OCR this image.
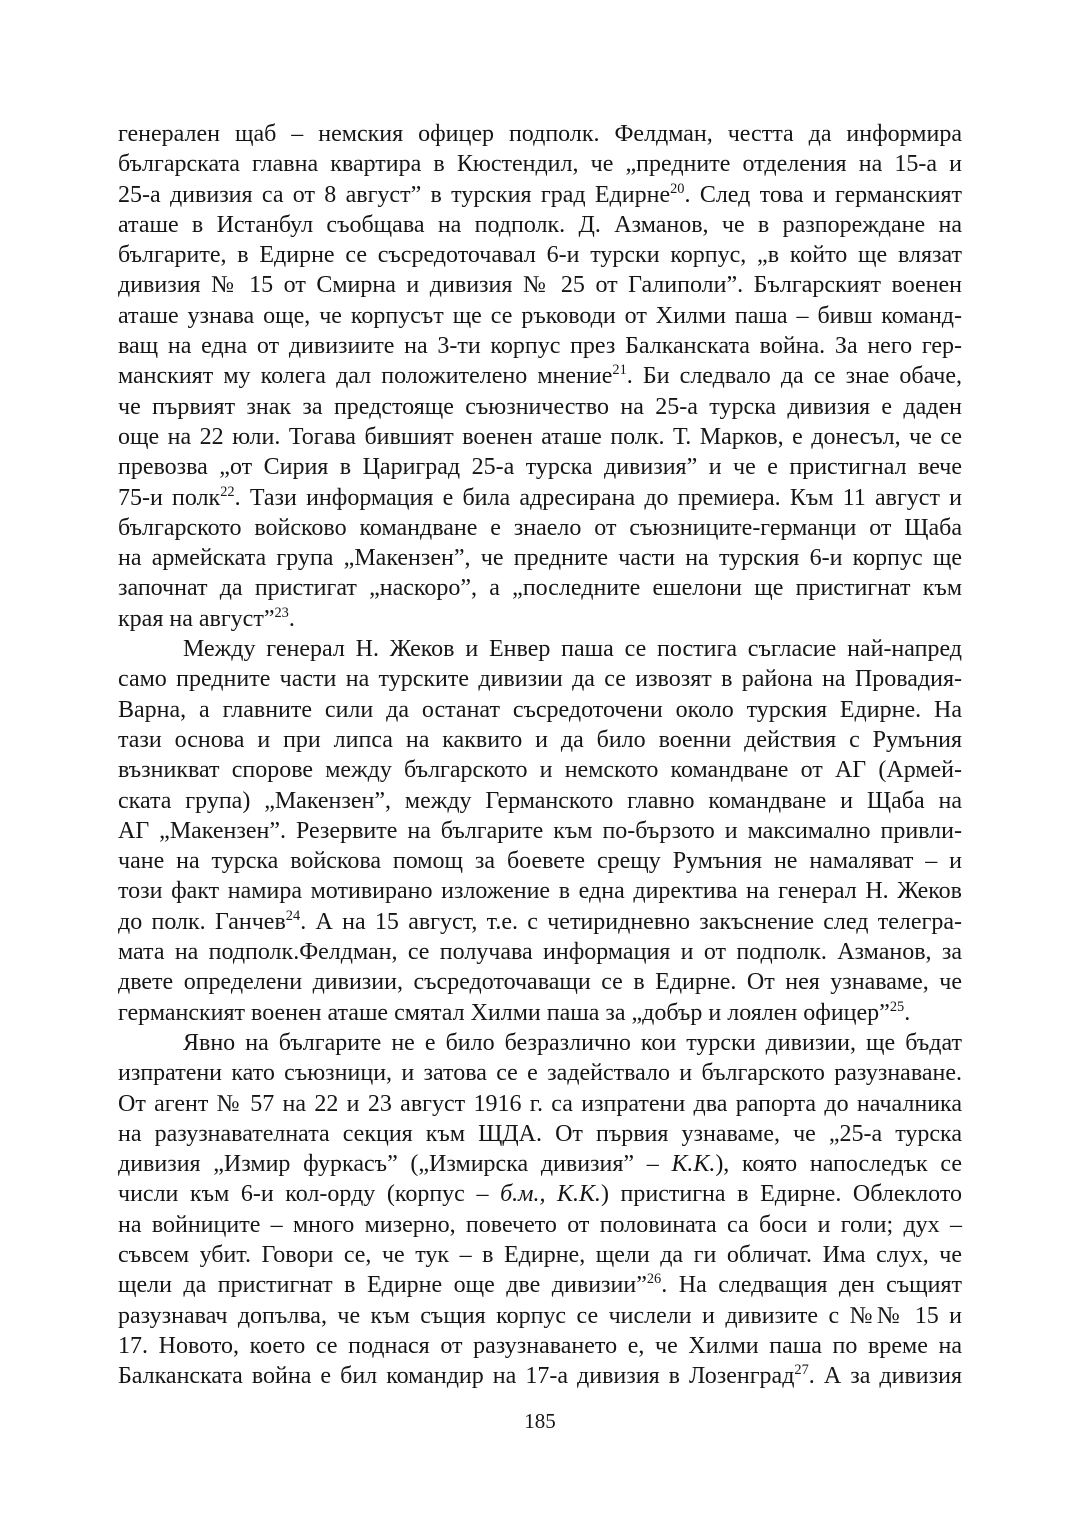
генерален щаб – немския офицер подполк. Фелдман, честта да информира
българската главна квартира в Кюстендил, че „предните отделения на 15-а и
25-а дивизия са от 8 август” в турския град Едирне$^{20}$. След това и германският
аташе в Истанбул съобщава на подполк. Д. Азманов, че в разпореждане на
българите, в Едирне се съсредоточавал 6-и турски корпус, „в който ще влязат
дивизия № 15 от Смирна и дивизия № 25 от Галиполи”. Българският военен
аташе узнава още, че корпусът ще се ръководи от Хилми паша – бивш команд-
ващ на една от дивизиите на 3-ти корпус през Балканската война. За него гер-
манският му колега дал положителено мнение$^{21}$. Би следвало да се знае обаче,
че първият знак за предстояще съюзничество на 25-а турска дивизия е даден
още на 22 юли. Тогава бившият военен аташе полк. Т. Марков, е донесъл, че се
превозва „от Сирия в Цариград 25-а турска дивизия” и че е пристигнал вече
75-и полк$^{22}$. Тази информация е била адресирана до премиера. Към 11 август и
българското войсково командване е знаело от съюзниците-германци от Щаба
на армейската група „Макензен”, че предните части на турския 6-и корпус ще
започнат да пристигат „наскоро”, а „последните ешелони ще пристигнат към
края на август”$^{23}$.
Между генерал Н. Жеков и Енвер паша се постига съгласие най-напред
само предните части на турските дивизии да се извозят в района на Провадия-
Варна, а главните сили да останат съсредоточени около турския Едирне. На
тази основа и при липса на каквито и да било военни действия с Румъния
възникват спорове между българското и немското командване от АГ (Армей-
ската група) „Макензен”, между Германското главно командване и Щаба на
АГ „Макензен”. Резервите на българите към по-бързото и максимално привли-
чане на турска войскова помощ за боевете срещу Румъния не намаляват – и
този факт намира мотивирано изложение в една директива на генерал Н. Жеков
до полк. Ганчев$^{24}$. А на 15 август, т.е. с четиридневно закъснение след телегра-
мата на подполк.Фелдман, се получава информация и от подполк. Азманов, за
двете определени дивизии, съсредоточаващи се в Едирне. От нея узнаваме, че
германският военен аташе смятал Хилми паша за „добър и лоялен офицер”$^{25}$.
Явно на българите не е било безразлично кои турски дивизии, ще бъдат
изпратени като съюзници, и затова се е задействало и българското разузнаване.
От агент № 57 на 22 и 23 август 1916 г. са изпратени два рапорта до началника
на разузнавателната секция към ЩДА. От първия узнаваме, че „25-а турска
дивизия „Измир фуркасъ” („Измирска дивизия” – К.К.), която напоследък се
числи към 6-и кол-орду (корпус – б.м., К.К.) пристигна в Едирне. Облеклото
на войниците – много мизерно, повечето от половината са боси и голи; дух –
съвсем убит. Говори се, че тук – в Едирне, щели да ги обличат. Има слух, че
щели да пристигнат в Едирне още две дивизии”$^{26}$. На следващия ден същият
разузнавач допълва, че към същия корпус се числели и дивизите с №№ 15 и
17. Новото, което се поднася от разузнаването е, че Хилми паша по време на
Балканската война е бил командир на 17-а дивизия в Лозенград$^{27}$. А за дивизия
185
